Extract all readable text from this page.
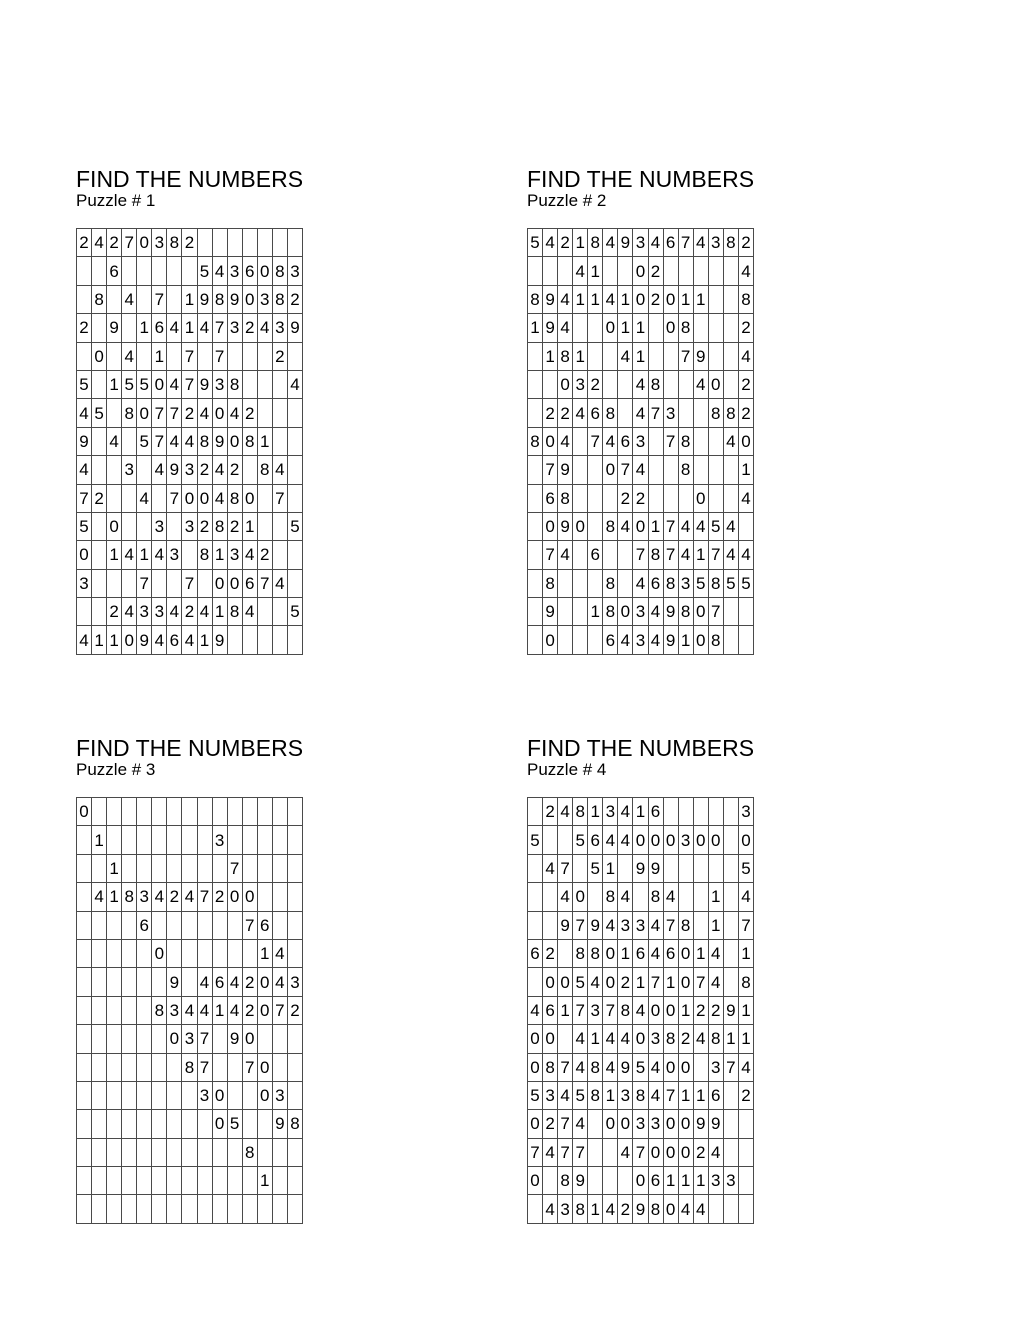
FIND THE NUMBERS
Puzzle # 1
2	4	2	7	0	3	8	2							
		6						5	4	3	6	0	8	3
	8		4		7		1	9	8	9	0	3	8	2
2		9		1	6	4	1	4	7	3	2	4	3	9
	0		4		1		7		7				2	
5		1	5	5	0	4	7	9	3	8				4
4	5		8	0	7	7	2	4	0	4	2			
9		4		5	7	4	4	8	9	0	8	1		
4			3		4	9	3	2	4	2		8	4	
7	2			4		7	0	0	4	8	0		7	
5		0			3		3	2	8	2	1			5
0		1	4	1	4	3		8	1	3	4	2		
3				7			7		0	0	6	7	4	
		2	4	3	3	4	2	4	1	8	4			5
4	1	1	0	9	4	6	4	1	9					
FIND THE NUMBERS
Puzzle # 2
5	4	2	1	8	4	9	3	4	6	7	4	3	8	2
			4	1			0	2						4
8	9	4	1	1	4	1	0	2	0	1	1			8
1	9	4			0	1	1		0	8				2
	1	8	1			4	1			7	9			4
		0	3	2			4	8			4	0		2
	2	2	4	6	8		4	7	3			8	8	2
8	0	4		7	4	6	3		7	8			4	0
	7	9			0	7	4			8				1
	6	8				2	2				0			4
	0	9	0		8	4	0	1	7	4	4	5	4	
	7	4		6			7	8	7	4	1	7	4	4
	8				8		4	6	8	3	5	8	5	5
	9			1	8	0	3	4	9	8	0	7		
	0				6	4	3	4	9	1	0	8		
FIND THE NUMBERS
Puzzle # 3
0														
	1								3					
		1								7				
	4	1	8	3	4	2	4	7	2	0	0			
				6							7	6		
					0							1	4	
						9		4	6	4	2	0	4	3
					8	3	4	4	1	4	2	0	7	2
						0	3	7		9	0			
							8	7			7	0		
								3	0			0	3	
									0	5			9	8
											8			
												1		

FIND THE NUMBERS
Puzzle # 4
	2	4	8	1	3	4	1	6						3
5			5	6	4	4	0	0	0	3	0	0		0
	4	7		5	1		9	9						5
		4	0		8	4		8	4			1		4
		9	7	9	4	3	3	4	7	8		1		7
6	2		8	8	0	1	6	4	6	0	1	4		1
	0	0	5	4	0	2	1	7	1	0	7	4		8
4	6	1	7	3	7	8	4	0	0	1	2	2	9	1
0	0		4	1	4	4	0	3	8	2	4	8	1	1
0	8	7	4	8	4	9	5	4	0	0		3	7	4
5	3	4	5	8	1	3	8	4	7	1	1	6		2
0	2	7	4		0	0	3	3	0	0	9	9		
7	4	7	7			4	7	0	0	0	2	4		
0		8	9				0	6	1	1	1	3	3	
	4	3	8	1	4	2	9	8	0	4	4			
